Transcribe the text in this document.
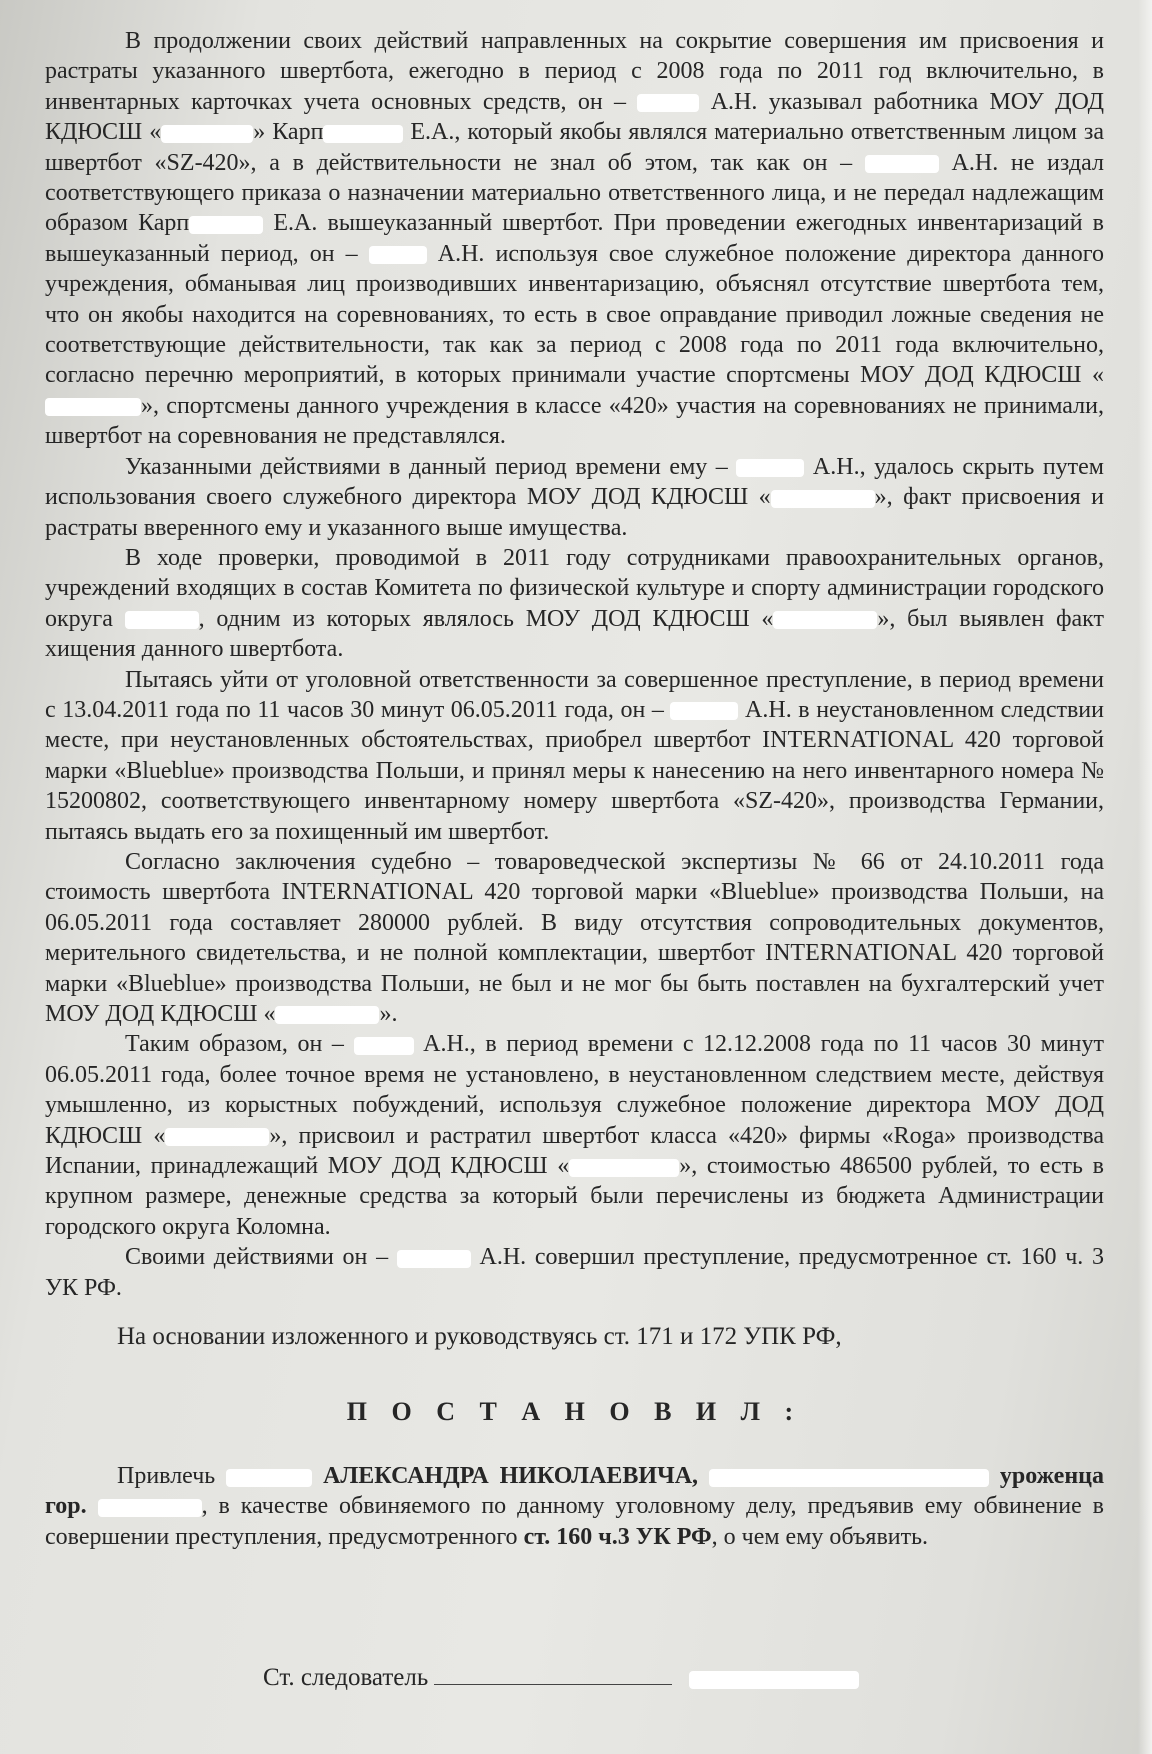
В продолжении своих действий направленных на сокрытие совершения им присвоения и растраты указанного швертбота, ежегодно в период с 2008 года по 2011 год включительно, в инвентарных карточках учета основных средств, он –	А.Н. указывал работника МОУ ДОД КДЮСШ «	» Карп	Е.А., который якобы являлся материально ответственным лицом за швертбот «SZ-420», а в действительности не знал об этом, так как он –	А.Н. не издал соответствующего приказа о назначении материально ответственного лица, и не передал надлежащим образом Карп	Е.А. вышеуказанный швертбот. При проведении ежегодных инвентаризаций в вышеуказанный период, он –  А.Н. используя свое служебное положение директора данного учреждения, обманывая лиц производивших инвентаризацию, объяснял отсутствие швертбота тем, что он якобы находится на соревнованиях, то есть в свое оправдание приводил ложные сведения не соответствующие действительности, так как за период с 2008 года по 2011 года включительно, согласно перечню мероприятий, в которых принимали участие спортсмены МОУ ДОД КДЮСШ «», спортсмены данного учреждения в классе «420» участия на соревнованиях не принимали, швертбот на соревнования не представлялся.

Указанными действиями в данный период времени ему –	А.Н., удалось скрыть путем использования своего служебного директора МОУ ДОД КДЮСШ «	», факт присвоения и растраты вверенного ему и указанного выше имущества.

В ходе проверки, проводимой в 2011 году сотрудниками правоохранительных органов, учреждений входящих в состав Комитета по физической культуре и спорту администрации городского округа	, одним из которых являлось МОУ ДОД КДЮСШ «	», был выявлен факт хищения данного швертбота.

Пытаясь уйти от уголовной ответственности за совершенное преступление, в период времени с 13.04.2011 года по 11 часов 30 минут 06.05.2011 года, он –	А.Н. в неустановленном следствии месте, при неустановленных обстоятельствах, приобрел швертбот INTERNATIONAL 420 торговой марки «Blueblue» производства Польши, и принял меры к нанесению на него инвентарного номера № 15200802, соответствующего инвентарному номеру швертбота «SZ-420», производства Германии, пытаясь выдать его за похищенный им швертбот.

Согласно заключения судебно – товароведческой экспертизы № 66 от 24.10.2011 года стоимость швертбота INTERNATIONAL 420 торговой марки «Blueblue» производства Польши, на 06.05.2011 года составляет 280000 рублей. В виду отсутствия сопроводительных документов, мерительного свидетельства, и не полной комплектации, швертбот INTERNATIONAL 420 торговой марки «Blueblue» производства Польши, не был и не мог бы быть поставлен на бухгалтерский учет МОУ ДОД КДЮСШ «	».

Таким образом, он –	А.Н., в период времени с 12.12.2008 года по 11 часов 30 минут 06.05.2011 года, более точное время не установлено, в неустановленном следствием месте, действуя умышленно, из корыстных побуждений, используя служебное положение директора МОУ ДОД КДЮСШ «	», присвоил и растратил швертбот класса «420» фирмы «Roga» производства Испании, принадлежащий МОУ ДОД КДЮСШ «	», стоимостью 486500 рублей, то есть в крупном размере, денежные средства за который были перечислены из бюджета Администрации городского округа Коломна.

Своими действиями он –	А.Н. совершил преступление, предусмотренное ст. 160 ч. 3 УК РФ.

На основании изложенного и руководствуясь ст. 171 и 172 УПК РФ,

П О С Т А Н О В И Л :

Привлечь	АЛЕКСАНДРА НИКОЛАЕВИЧА,	уроженца гор.	, в качестве обвиняемого по данному уголовному делу, предъявив ему обвинение в совершении преступления, предусмотренного ст. 160 ч.3 УК РФ, о чем ему объявить.

Ст. следователь
